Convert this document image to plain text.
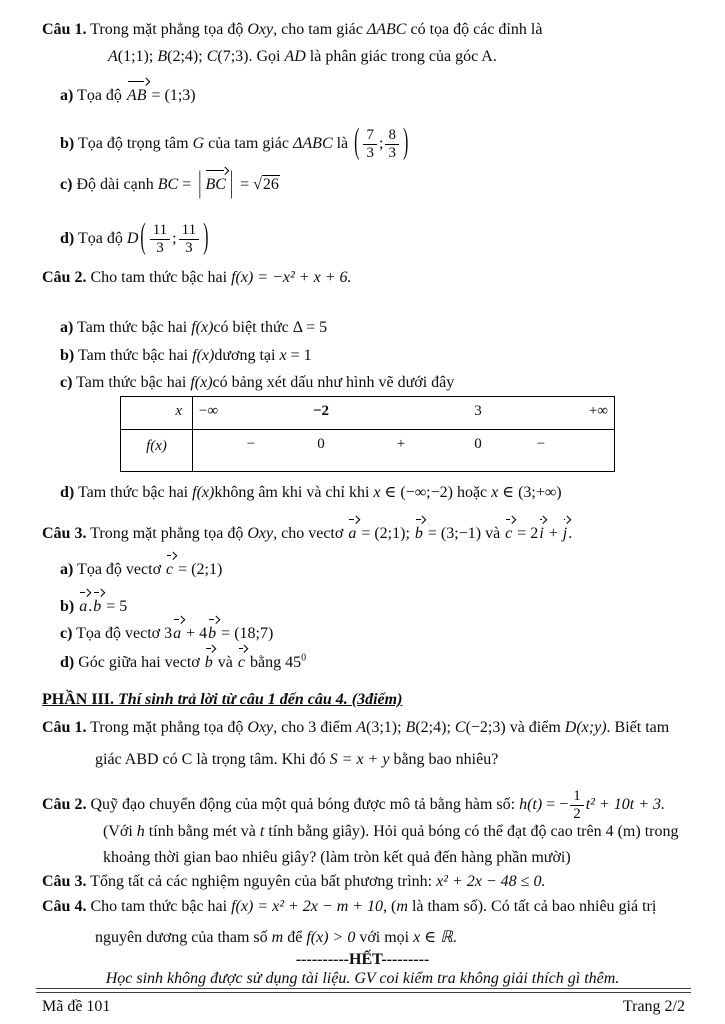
Câu 1. Trong mặt phẳng tọa độ Oxy, cho tam giác ΔABC có tọa độ các đỉnh là
A(1;1); B(2;4); C(7;3). Gọi AD là phân giác trong của góc A.
a) Tọa độ AB = (1;3)
b) Tọa độ trọng tâm G của tam giác ΔABC là ( $\frac{7}{3}$ ; $\frac{8}{3}$ )
c) Độ dài cạnh BC = | BC | = √ 26
d) Tọa độ D ( $\frac{11}{3}$ ; $\frac{11}{3}$ )
Câu 2. Cho tam thức bậc hai f(x) = −x² + x + 6.
a) Tam thức bậc hai f(x)có biệt thức Δ = 5
b) Tam thức bậc hai f(x)dương tại x = 1
c) Tam thức bậc hai f(x)có bảng xét dấu như hình vẽ dưới đây
x	−∞	−2	3	+∞
f(x)	−	0	+	0	−
d) Tam thức bậc hai f(x)không âm khi và chỉ khi x ∈ (−∞;−2) hoặc x ∈ (3;+∞)
Câu 3. Trong mặt phẳng tọa độ Oxy, cho vectơ a = (2;1); b = (3;−1) và c = 2i + j.
a) Tọa độ vectơ c = (2;1)
b) a.b = 5
c) Tọa độ vectơ 3a + 4b = (18;7)
d) Góc giữa hai vectơ b và c bằng $45^0$
PHẦN III. Thí sinh trả lời từ câu 1 đến câu 4. (3điểm)
Câu 1. Trong mặt phẳng tọa độ Oxy, cho 3 điểm A(3;1); B(2;4); C(−2;3) và điểm D(x;y). Biết tam
giác ABD có C là trọng tâm. Khi đó S = x + y bằng bao nhiêu?
Câu 2. Quỹ đạo chuyển động của một quả bóng được mô tả bằng hàm số: h(t) = − $\frac{1}{2} t^2 + 10t + 3$.
(Với h tính bằng mét và t tính bằng giây). Hỏi quả bóng có thể đạt độ cao trên 4 (m) trong
khoảng thời gian bao nhiêu giây? (làm tròn kết quả đến hàng phần mười)
Câu 3. Tổng tất cả các nghiệm nguyên của bất phương trình: x² + 2x − 48 ≤ 0.
Câu 4. Cho tam thức bậc hai f(x) = x² + 2x − m + 10, (m là tham số). Có tất cả bao nhiêu giá trị
nguyên dương của tham số m để f(x) > 0 với mọi x ∈ ℝ.
----------HẾT---------
Học sinh không được sử dụng tài liệu. GV coi kiểm tra không giải thích gì thêm.
Mã đề 101	Trang 2/2
